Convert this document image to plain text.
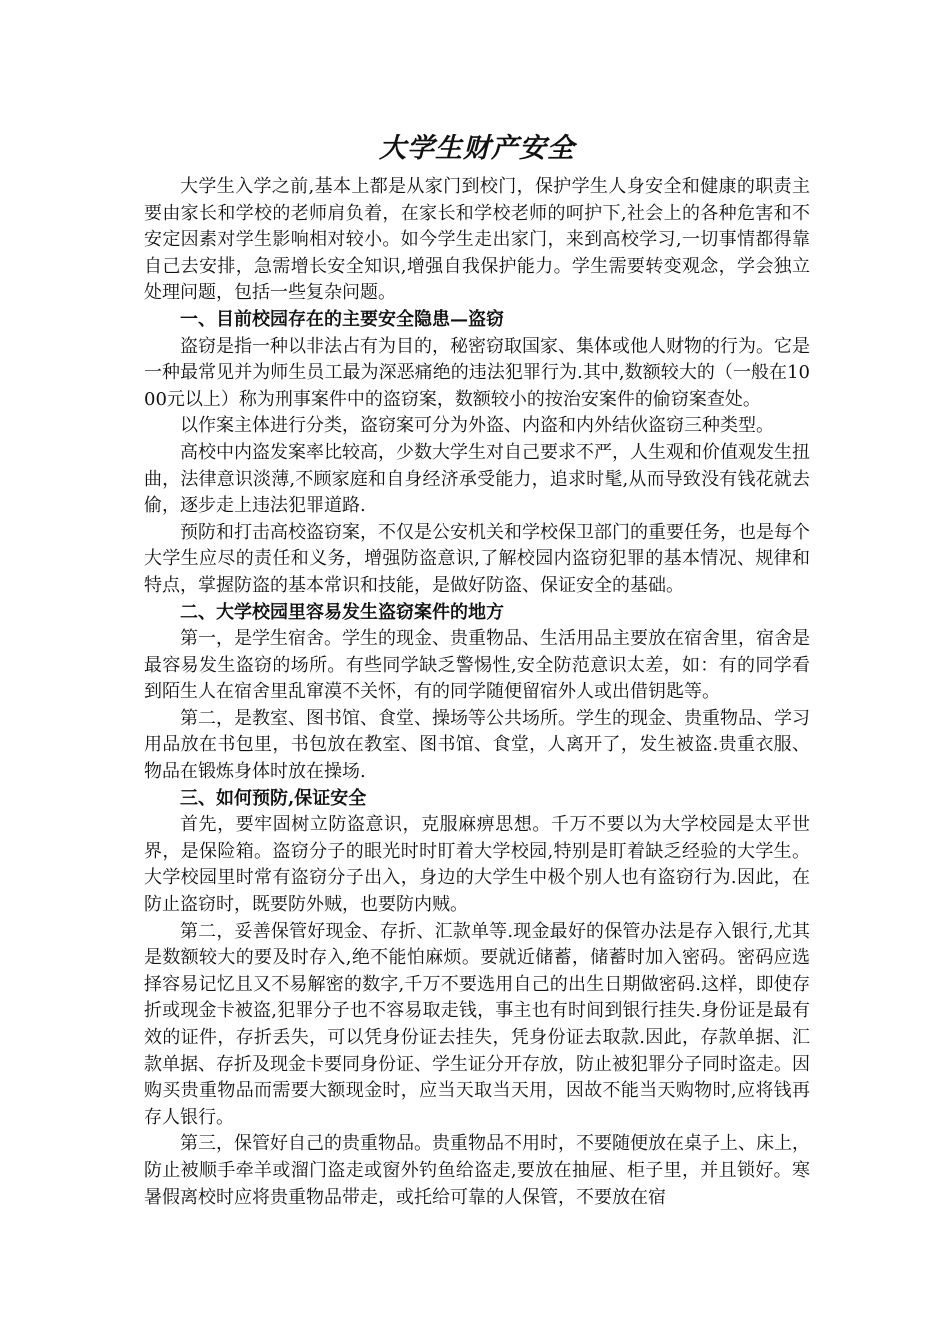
大学生财产安全

大学生入学之前,基本上都是从家门到校门，保护学生人身安全和健康的职责主要由家长和学校的老师肩负着，在家长和学校老师的呵护下,社会上的各种危害和不安定因素对学生影响相对较小。如今学生走出家门，来到高校学习,一切事情都得靠自己去安排，急需增长安全知识,增强自我保护能力。学生需要转变观念，学会独立处理问题，包括一些复杂问题。

一、目前校园存在的主要安全隐患—盗窃

盗窃是指一种以非法占有为目的，秘密窃取国家、集体或他人财物的行为。它是一种最常见并为师生员工最为深恶痛绝的违法犯罪行为.其中,数额较大的（一般在1000元以上）称为刑事案件中的盗窃案，数额较小的按治安案件的偷窃案查处。

以作案主体进行分类，盗窃案可分为外盗、内盗和内外结伙盗窃三种类型。

高校中内盗发案率比较高，少数大学生对自己要求不严，人生观和价值观发生扭曲，法律意识淡薄,不顾家庭和自身经济承受能力，追求时髦,从而导致没有钱花就去偷，逐步走上违法犯罪道路.

预防和打击高校盗窃案，不仅是公安机关和学校保卫部门的重要任务，也是每个大学生应尽的责任和义务，增强防盗意识,了解校园内盗窃犯罪的基本情况、规律和特点，掌握防盗的基本常识和技能，是做好防盗、保证安全的基础。

二、大学校园里容易发生盗窃案件的地方

第一，是学生宿舍。学生的现金、贵重物品、生活用品主要放在宿舍里，宿舍是最容易发生盗窃的场所。有些同学缺乏警惕性,安全防范意识太差，如：有的同学看到陌生人在宿舍里乱窜漠不关怀，有的同学随便留宿外人或出借钥匙等。

第二，是教室、图书馆、食堂、操场等公共场所。学生的现金、贵重物品、学习用品放在书包里，书包放在教室、图书馆、食堂，人离开了，发生被盗.贵重衣服、物品在锻炼身体时放在操场.

三、如何预防,保证安全

首先，要牢固树立防盗意识，克服麻痹思想。千万不要以为大学校园是太平世界，是保险箱。盗窃分子的眼光时时盯着大学校园,特别是盯着缺乏经验的大学生。大学校园里时常有盗窃分子出入，身边的大学生中极个别人也有盗窃行为.因此，在防止盗窃时，既要防外贼，也要防内贼。

第二，妥善保管好现金、存折、汇款单等.现金最好的保管办法是存入银行,尤其是数额较大的要及时存入,绝不能怕麻烦。要就近储蓄，储蓄时加入密码。密码应选择容易记忆且又不易解密的数字,千万不要选用自己的出生日期做密码.这样，即使存折或现金卡被盗,犯罪分子也不容易取走钱，事主也有时间到银行挂失.身份证是最有效的证件，存折丢失，可以凭身份证去挂失，凭身份证去取款.因此，存款单据、汇款单据、存折及现金卡要同身份证、学生证分开存放，防止被犯罪分子同时盗走。因购买贵重物品而需要大额现金时，应当天取当天用，因故不能当天购物时,应将钱再存人银行。

第三，保管好自己的贵重物品。贵重物品不用时，不要随便放在桌子上、床上，防止被顺手牵羊或溜门盗走或窗外钓鱼给盗走,要放在抽屉、柜子里，并且锁好。寒暑假离校时应将贵重物品带走，或托给可靠的人保管，不要放在宿
